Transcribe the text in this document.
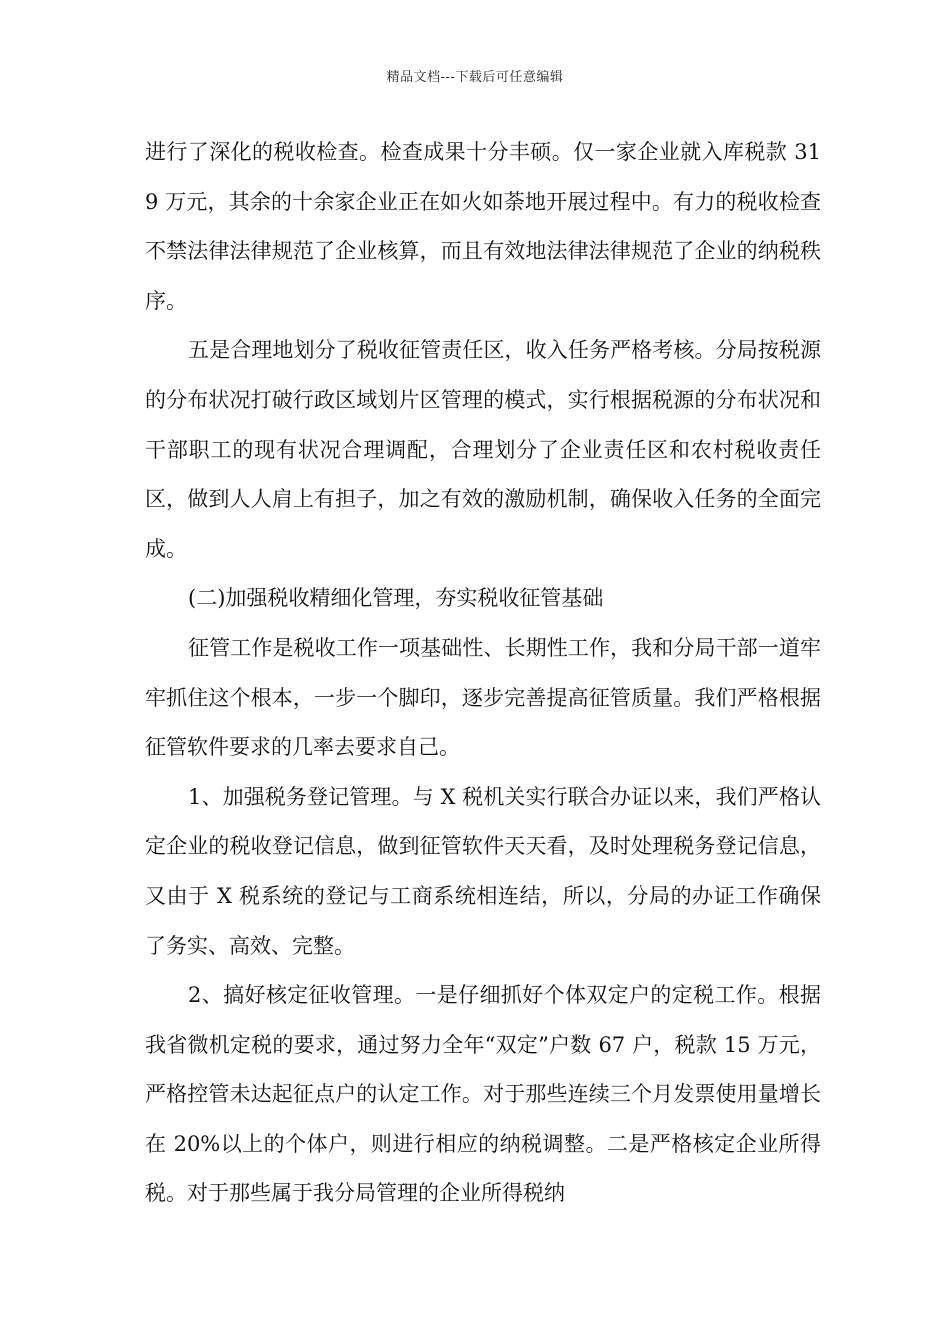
精品文档---下载后可任意编辑

进行了深化的税收检查。检查成果十分丰硕。仅一家企业就入库税款 319 万元，其余的十余家企业正在如火如荼地开展过程中。有力的税收检查不禁法律法律规范了企业核算，而且有效地法律法律规范了企业的纳税秩序。

五是合理地划分了税收征管责任区，收入任务严格考核。分局按税源的分布状况打破行政区域划片区管理的模式，实行根据税源的分布状况和干部职工的现有状况合理调配，合理划分了企业责任区和农村税收责任区，做到人人肩上有担子，加之有效的激励机制，确保收入任务的全面完成。

(二)加强税收精细化管理，夯实税收征管基础

征管工作是税收工作一项基础性、长期性工作，我和分局干部一道牢牢抓住这个根本，一步一个脚印，逐步完善提高征管质量。我们严格根据征管软件要求的几率去要求自己。

1、加强税务登记管理。与 X 税机关实行联合办证以来，我们严格认定企业的税收登记信息，做到征管软件天天看，及时处理税务登记信息，又由于 X 税系统的登记与工商系统相连结，所以，分局的办证工作确保了务实、高效、完整。

2、搞好核定征收管理。一是仔细抓好个体双定户的定税工作。根据我省微机定税的要求，通过努力全年“双定”户数 67 户，税款 15 万元，严格控管未达起征点户的认定工作。对于那些连续三个月发票使用量增长在 20%以上的个体户，则进行相应的纳税调整。二是严格核定企业所得税。对于那些属于我分局管理的企业所得税纳
